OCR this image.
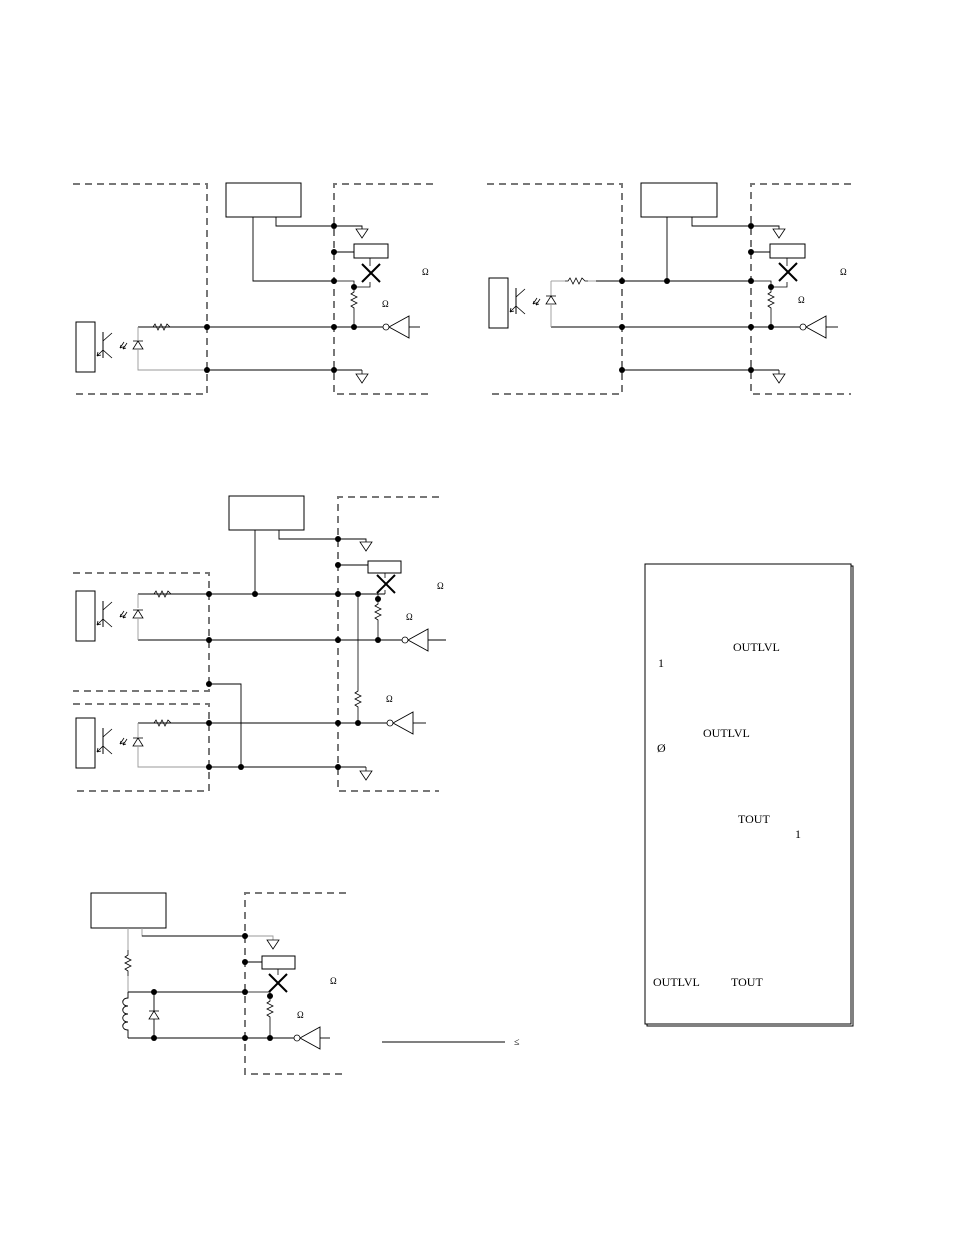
Ω
Ω
Ω
Ω
Ω
Ω
Ω
Ω
Ω
≤
OUTLVL
1
OUTLVL
Ø
TOUT
1
OUTLVL	TOUT
